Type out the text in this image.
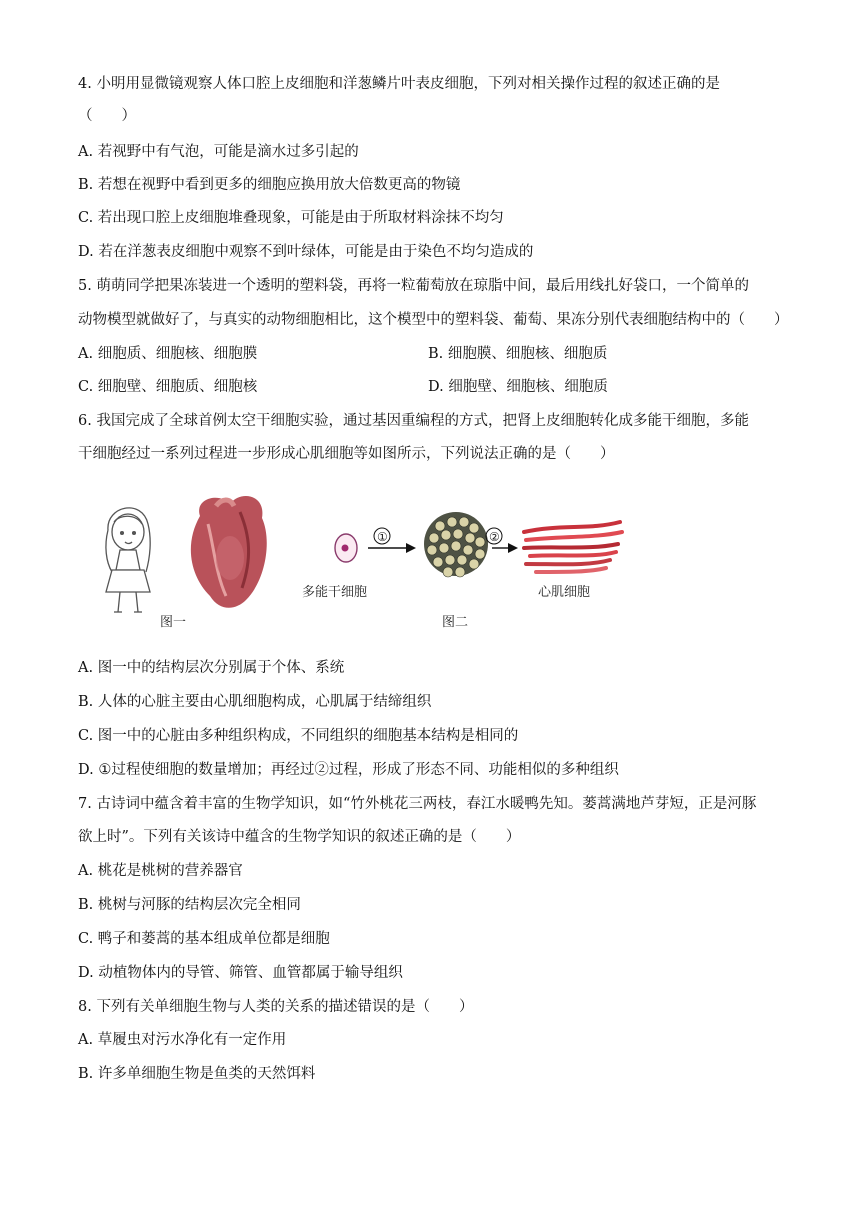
4. 小明用显微镜观察人体口腔上皮细胞和洋葱鳞片叶表皮细胞，下列对相关操作过程的叙述正确的是
（　　）
A. 若视野中有气泡，可能是滴水过多引起的
B. 若想在视野中看到更多的细胞应换用放大倍数更高的物镜
C. 若出现口腔上皮细胞堆叠现象，可能是由于所取材料涂抹不均匀
D. 若在洋葱表皮细胞中观察不到叶绿体，可能是由于染色不均匀造成的
5. 萌萌同学把果冻装进一个透明的塑料袋，再将一粒葡萄放在琼脂中间，最后用线扎好袋口，一个简单的
动物模型就做好了，与真实的动物细胞相比，这个模型中的塑料袋、葡萄、果冻分别代表细胞结构中的（　　）
A. 细胞质、细胞核、细胞膜	B. 细胞膜、细胞核、细胞质
C. 细胞壁、细胞质、细胞核	D. 细胞壁、细胞核、细胞质
6. 我国完成了全球首例太空干细胞实验，通过基因重编程的方式，把肾上皮细胞转化成多能干细胞，多能
干细胞经过一系列过程进一步形成心肌细胞等如图所示，下列说法正确的是（　　）
图一
多能干细胞
①
图二
②
心肌细胞
A. 图一中的结构层次分别属于个体、系统
B. 人体的心脏主要由心肌细胞构成，心肌属于结缔组织
C. 图一中的心脏由多种组织构成，不同组织的细胞基本结构是相同的
D. ①过程使细胞的数量增加；再经过②过程，形成了形态不同、功能相似的多种组织
7. 古诗词中蕴含着丰富的生物学知识，如“竹外桃花三两枝，春江水暖鸭先知。蒌蒿满地芦芽短，正是河豚
欲上时”。下列有关该诗中蕴含的生物学知识的叙述正确的是（　　）
A. 桃花是桃树的营养器官
B. 桃树与河豚的结构层次完全相同
C. 鸭子和蒌蒿的基本组成单位都是细胞
D. 动植物体内的导管、筛管、血管都属于输导组织
8. 下列有关单细胞生物与人类的关系的描述错误的是（　　）
A. 草履虫对污水净化有一定作用
B. 许多单细胞生物是鱼类的天然饵料
